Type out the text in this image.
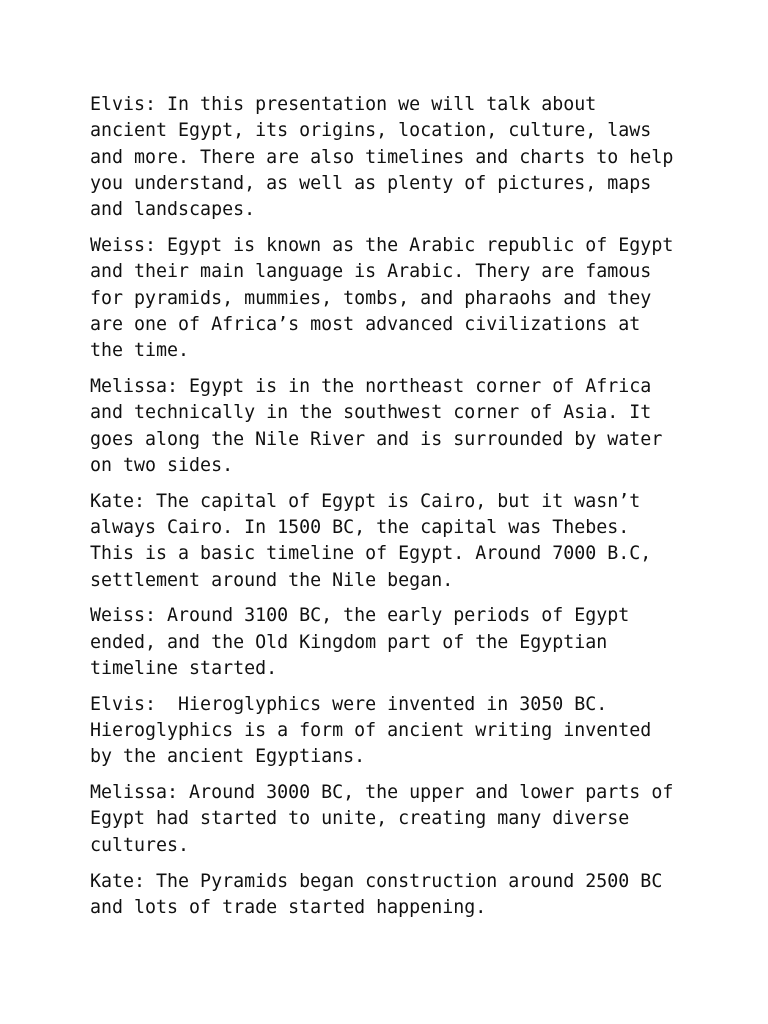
Elvis: In this presentation we will talk about
ancient Egypt, its origins, location, culture, laws
and more. There are also timelines and charts to help
you understand, as well as plenty of pictures, maps
and landscapes.

Weiss: Egypt is known as the Arabic republic of Egypt
and their main language is Arabic. Thery are famous
for pyramids, mummies, tombs, and pharaohs and they
are one of Africa’s most advanced civilizations at
the time.

Melissa: Egypt is in the northeast corner of Africa
and technically in the southwest corner of Asia. It
goes along the Nile River and is surrounded by water
on two sides.

Kate: The capital of Egypt is Cairo, but it wasn’t
always Cairo. In 1500 BC, the capital was Thebes.
This is a basic timeline of Egypt. Around 7000 B.C,
settlement around the Nile began.

Weiss: Around 3100 BC, the early periods of Egypt
ended, and the Old Kingdom part of the Egyptian
timeline started.

Elvis:  Hieroglyphics were invented in 3050 BC.
Hieroglyphics is a form of ancient writing invented
by the ancient Egyptians.

Melissa: Around 3000 BC, the upper and lower parts of
Egypt had started to unite, creating many diverse
cultures.

Kate: The Pyramids began construction around 2500 BC
and lots of trade started happening.
